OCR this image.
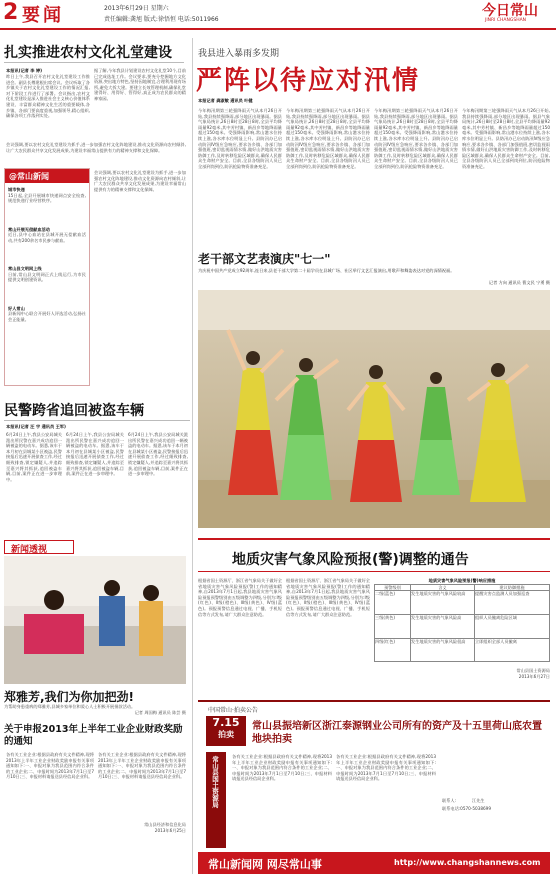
2 要闻	2013年6月29日 星期六
责任编辑:龚旭 版式:徐悟恒 电话:5011966
今日常山
JINRI CHANGSHAN
扎实推进农村文化礼堂建设
本报讯(记者 李 婷)
昨日上午,我县召开农村文化礼堂建设工作推进会。副县长傅建根出席会议。会议听取了各乡镇关于农村文化礼堂建设工作的情况汇报,对下阶段工作进行了部署。会议指出,农村文化礼堂建设是深入推进社会主义核心价值体系建设、丰富群众精神文化生活的重要载体,各乡镇、各部门要高度重视,加强领导,精心组织,确保各项工作落到实处。
据了解,今年我县计划建设农村文化礼堂10个,目前已完成选址工作。会议要求,要充分挖掘地方文化资源,突出地方特色,坚持因地制宜,合理利用现有场所,避免大拆大建。要建立长效管理机制,确保礼堂建得好、用得好、管得好,真正成为农民群众的精神家园。
会议强调,要以农村文化礼堂建设为抓手,进一步加强农村文化阵地建设,推动文化资源向农村倾斜,让广大农民群众共享文化发展成果,为建设幸福常山提供有力的精神支撑和文化保障。
@常山新闻
城市快递
15日起,全县开展城市快递网点安全检查,规范快递行业经营秩序。
常山开展无偿献血活动
近日,县中心血站在县城开展无偿献血活动,共有200余名市民参与献血。
常山县文明网上线
日前,常山县文明网正式上线运行,为市民提供文明创建资讯。
好人常山
县新闻中心联合开展好人评选活动,弘扬社会正能量。
会议强调,要以农村文化礼堂建设为抓手,进一步加强农村文化阵地建设,推动文化资源向农村倾斜,让广大农民群众共享文化发展成果,为建设幸福常山提供有力的精神支撑和文化保障。
我县进入暴雨多发期
严阵以待应对汛情
本报记者 龚淑敏 通讯员 叶健
今年梅汛期第三轮强降雨天气从本月26日开始,我县持续强降雨,部分地区出现暴雨。据县气象局统计,26日8时至28日8时,全县平均降雨量92毫米,其中芳村镇、新昌乡等地降雨量超过150毫米。受强降雨影响,常山港水位持续上涨,各水库水位明显上升。县防汛办已启动防汛Ⅳ级应急响应,要求各乡镇、各部门加强值班,密切监视雨情水情,做好山洪地质灾害防御工作,及时转移危险区域群众,确保人民群众生命财产安全。目前,全县各级防汛人员已全部到岗到位,防汛抢险物资准备充足。
今年梅汛期第三轮强降雨天气从本月26日开始,我县持续强降雨,部分地区出现暴雨。据县气象局统计,26日8时至28日8时,全县平均降雨量92毫米,其中芳村镇、新昌乡等地降雨量超过150毫米。受强降雨影响,常山港水位持续上涨,各水库水位明显上升。县防汛办已启动防汛Ⅳ级应急响应,要求各乡镇、各部门加强值班,密切监视雨情水情,做好山洪地质灾害防御工作,及时转移危险区域群众,确保人民群众生命财产安全。目前,全县各级防汛人员已全部到岗到位,防汛抢险物资准备充足。
今年梅汛期第三轮强降雨天气从本月26日开始,我县持续强降雨,部分地区出现暴雨。据县气象局统计,26日8时至28日8时,全县平均降雨量92毫米,其中芳村镇、新昌乡等地降雨量超过150毫米。受强降雨影响,常山港水位持续上涨,各水库水位明显上升。县防汛办已启动防汛Ⅳ级应急响应,要求各乡镇、各部门加强值班,密切监视雨情水情,做好山洪地质灾害防御工作,及时转移危险区域群众,确保人民群众生命财产安全。目前,全县各级防汛人员已全部到岗到位,防汛抢险物资准备充足。
今年梅汛期第三轮强降雨天气从本月26日开始,我县持续强降雨,部分地区出现暴雨。据县气象局统计,26日8时至28日8时,全县平均降雨量92毫米,其中芳村镇、新昌乡等地降雨量超过150毫米。受强降雨影响,常山港水位持续上涨,各水库水位明显上升。县防汛办已启动防汛Ⅳ级应急响应,要求各乡镇、各部门加强值班,密切监视雨情水情,做好山洪地质灾害防御工作,及时转移危险区域群众,确保人民群众生命财产安全。目前,全县各级防汛人员已全部到岗到位,防汛抢险物资准备充足。
老干部文艺表演庆"七一"
为庆祝中国共产党成立92周年,连日来,县老干部大学第二十届学员在县城广场、社区举行文艺汇报演出,用歌声和舞姿表达对党的深情祝福。
记者 方向 通讯员 曹文民 宁勇 摄
民警跨省追回被盗车辆
本报讯(记者 汪 宇 通讯员 王军)
6月24日上午,我县公安局城关派出所民警在嘉兴成功追回一辆被盗的电动车。据悉,该车于本月初在县城某小区被盗,民警接报后迅速开展侦查工作,经过细致排查,锁定嫌疑人,并追踪至嘉兴将其抓获,追回被盗车辆,目前,案件正在进一步审理中。
6月24日上午,我县公安局城关派出所民警在嘉兴成功追回一辆被盗的电动车。据悉,该车于本月初在县城某小区被盗,民警接报后迅速开展侦查工作,经过细致排查,锁定嫌疑人,并追踪至嘉兴将其抓获,追回被盗车辆,目前,案件正在进一步审理中。
6月24日上午,我县公安局城关派出所民警在嘉兴成功追回一辆被盗的电动车。据悉,该车于本月初在县城某小区被盗,民警接报后迅速开展侦查工作,经过细致排查,锁定嫌疑人,并追踪至嘉兴将其抓获,追回被盗车辆,目前,案件正在进一步审理中。
新闻透视
郑雅芳,我们为你加把劲!
为帮助身患重病的郑雅芳,县城多家单位和爱心人士积极开展捐款活动。
记者 周国梅 通讯员 陈芸 摄
关于申报2013年上半年工业企业财政奖励的通知
各有关工业企业:根据县政府有关文件精神,现将2013年上半年工业企业财政奖励申报有关事项通知如下:一、申报对象为我县范围内符合条件的工业企业;二、申报时间为2013年7月1日至7月10日;三、申报材料请报送县经信局企业科。
各有关工业企业:根据县政府有关文件精神,现将2013年上半年工业企业财政奖励申报有关事项通知如下:一、申报对象为我县范围内符合条件的工业企业;二、申报时间为2013年7月1日至7月10日;三、申报材料请报送县经信局企业科。
常山县经济和信息化局
2013年6月25日
地质灾害气象风险预报(警)调整的通告
根据省国土资源厅、浙江省气象局关于做好全省地质灾害气象风险预报(警)工作的通知精神,自2013年7月1日起,我县地质灾害气象风险预报预警级别由五级调整为四级,分别为:Ⅰ级(红色)、Ⅱ级(橙色)、Ⅲ级(黄色)、Ⅳ级(蓝色)。预报预警信息通过电视、广播、手机短信等方式发布,请广大群众注意防范。
根据省国土资源厅、浙江省气象局关于做好全省地质灾害气象风险预报(警)工作的通知精神,自2013年7月1日起,我县地质灾害气象风险预报预警级别由五级调整为四级,分别为:Ⅰ级(红色)、Ⅱ级(橙色)、Ⅲ级(黄色)、Ⅳ级(蓝色)。预报预警信息通过电视、广播、手机短信等方式发布,请广大群众注意防范。
地质灾害气象风险预报(警)响应措施
预警级别	含义	建议防御措施
二级(蓝色)	发生地质灾害的气象风险较高	提醒灾害点监测人员加强巡查
三级(黄色)	发生地质灾害的气象风险高	组织人员撤离危险区域
四级(红色)	发生地质灾害的气象风险很高	立即组织全部人员撤离
常山县国土资源局
2013年6月27日
中国常山·拍卖公告
7.15
拍卖
常山县振培新区浙江泰源钢业公司所有的资产及十五里荷山底农置地块拍卖
常山县国土资源局	各有关工业企业:根据县政府有关文件精神,现将2013年上半年工业企业财政奖励申报有关事项通知如下:一、申报对象为我县范围内符合条件的工业企业;二、申报时间为2013年7月1日至7月10日;三、申报材料请报送县经信局企业科。
各有关工业企业:根据县政府有关文件精神,现将2013年上半年工业企业财政奖励申报有关事项通知如下:一、申报对象为我县范围内符合条件的工业企业;二、申报时间为2013年7月1日至7月10日;三、申报材料请报送县经信局企业科。
联系人:	江先生
联系电话:0570-5038699
常山新闻网 网尽常山事	http://www.changshannews.com
